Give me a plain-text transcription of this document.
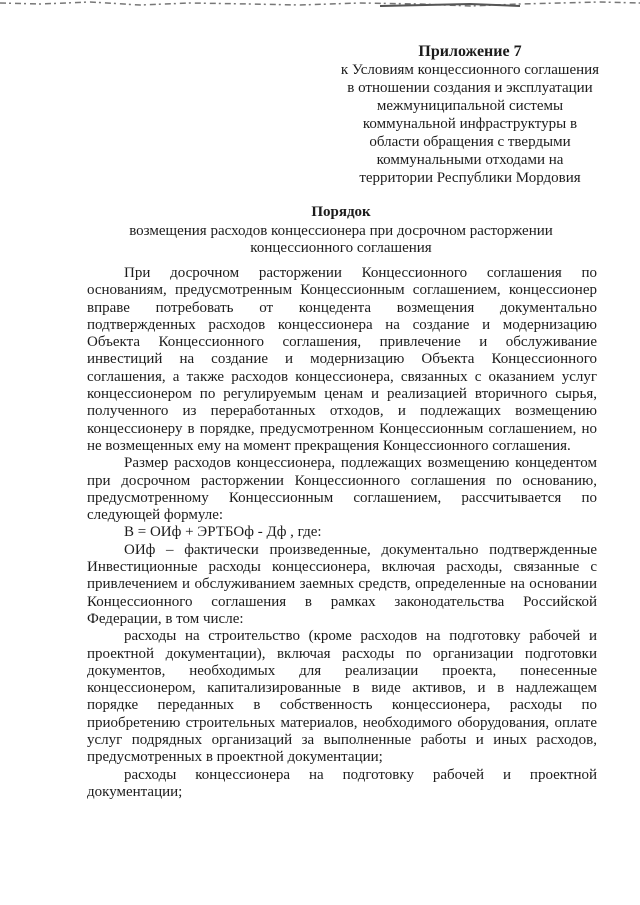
Приложение 7
к Условиям концессионного соглашения
в отношении создания и эксплуатации
межмуниципальной системы
коммунальной инфраструктуры в
области обращения с твердыми
коммунальными отходами на
территории Республики Мордовия
Порядок
возмещения расходов концессионера при досрочном расторжении
концессионного соглашения

При досрочном расторжении Концессионного соглашения по основаниям, предусмотренным Концессионным соглашением, концессионер вправе потребовать от концедента возмещения документально подтвержденных расходов концессионера на создание и модернизацию Объекта Концессионного соглашения, привлечение и обслуживание инвестиций на создание и модернизацию Объекта Концессионного соглашения, а также расходов концессионера, связанных с оказанием услуг концессионером по регулируемым ценам и реализацией вторичного сырья, полученного из переработанных отходов, и подлежащих возмещению концессионеру в порядке, предусмотренном Концессионным соглашением, но не возмещенных ему на момент прекращения Концессионного соглашения.

Размер расходов концессионера, подлежащих возмещению концедентом при досрочном расторжении Концессионного соглашения по основанию, предусмотренному Концессионным соглашением, рассчитывается по следующей формуле:

В = ОИф + ЭРТБОф - Дф , где:

ОИф – фактически произведенные, документально подтвержденные Инвестиционные расходы концессионера, включая расходы, связанные с привлечением и обслуживанием заемных средств, определенные на основании Концессионного соглашения в рамках законодательства Российской Федерации, в том числе:

расходы на строительство (кроме расходов на подготовку рабочей и проектной документации), включая расходы по организации подготовки документов, необходимых для реализации проекта, понесенные концессионером, капитализированные в виде активов, и в надлежащем порядке переданных в собственность концессионера, расходы по приобретению строительных материалов, необходимого оборудования, оплате услуг подрядных организаций за выполненные работы и иных расходов, предусмотренных в проектной документации;

расходы концессионера на подготовку рабочей и проектной документации;
